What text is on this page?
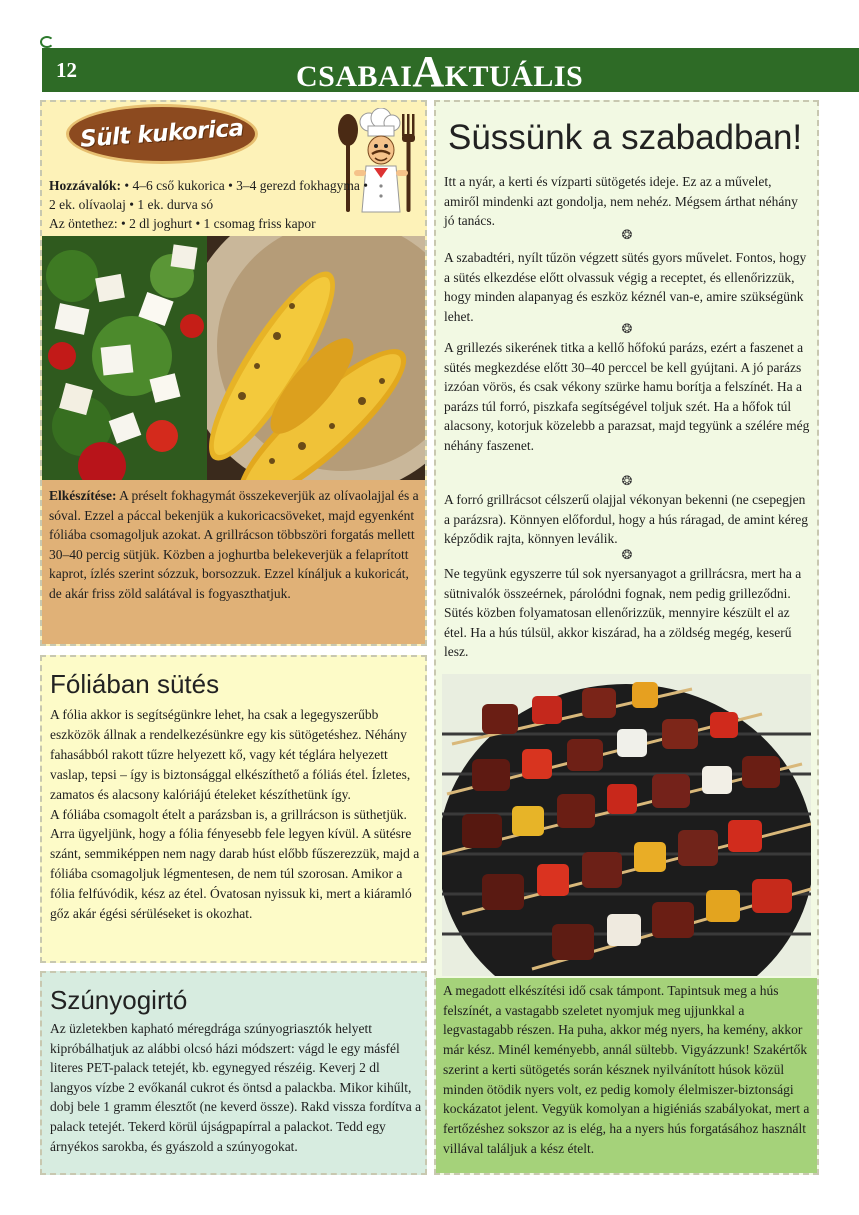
12	CSABAIAKTUÁLIS
Sült kukorica
Hozzávalók: • 4–6 cső kukorica • 3–4 gerezd fokhagyma • 2 ek. olívaolaj • 1 ek. durva só
Az öntethez: • 2 dl joghurt • 1 csomag friss kapor
Elkészítése: A préselt fokhagymát összekeverjük az olívaolajjal és a sóval. Ezzel a páccal bekenjük a kukoricacsöveket, majd egyenként fóliába csomagoljuk azokat. A grillrácson többszöri forgatás mellett 30–40 percig sütjük. Közben a joghurtba belekeverjük a felaprított kaprot, ízlés szerint sózzuk, borsozzuk. Ezzel kínáljuk a kukoricát, de akár friss zöld salátával is fogyaszthatjuk.
Fóliában sütés
A fólia akkor is segítségünkre lehet, ha csak a legegyszerűbb eszközök állnak a rendelkezésünkre egy kis sütögetéshez. Néhány fahasábból rakott tűzre helyezett kő, vagy két téglára helyezett vaslap, tepsi – így is biztonsággal elkészíthető a fóliás étel. Ízletes, zamatos és alacsony kalóriájú ételeket készíthetünk így.
A fóliába csomagolt ételt a parázsban is, a grillrácson is süthetjük. Arra ügyeljünk, hogy a fólia fényesebb fele legyen kívül. A sütésre szánt, semmiképpen nem nagy darab húst előbb fűszerezzük, majd a fóliába csomagoljuk légmentesen, de nem túl szorosan. Amikor a fólia felfúvódik, kész az étel. Óvatosan nyissuk ki, mert a kiáramló gőz akár égési sérüléseket is okozhat.
Szúnyogirtó
Az üzletekben kapható méregdrága szúnyogriasztók helyett kipróbálhatjuk az alábbi olcsó házi módszert: vágd le egy másfél literes PET-palack tetejét, kb. egynegyed részéig. Keverj 2 dl langyos vízbe 2 evőkanál cukrot és öntsd a palackba. Mikor kihűlt, dobj bele 1 gramm élesztőt (ne keverd össze). Rakd vissza fordítva a palack tetejét. Tekerd körül újságpapírral a palackot. Tedd egy árnyékos sarokba, és gyászold a szúnyogokat.
Süssünk a szabadban!
Itt a nyár, a kerti és vízparti sütögetés ideje. Ez az a művelet, amiről mindenki azt gondolja, nem nehéz. Mégsem árthat néhány jó tanács.
❂
A szabadtéri, nyílt tűzön végzett sütés gyors művelet. Fontos, hogy a sütés elkezdése előtt olvassuk végig a receptet, és ellenőrizzük, hogy minden alapanyag és eszköz kéznél van-e, amire szükségünk lehet.
❂
A grillezés sikerének titka a kellő hőfokú parázs, ezért a faszenet a sütés megkezdése előtt 30–40 perccel be kell gyújtani. A jó parázs izzóan vörös, és csak vékony szürke hamu borítja a felszínét. Ha a parázs túl forró, piszkafa segítségével toljuk szét. Ha a hőfok túl alacsony, kotorjuk közelebb a parazsat, majd tegyünk a szélére még néhány faszenet.
❂
A forró grillrácsot célszerű olajjal vékonyan bekenni (ne csepegjen a parázsra). Könnyen előfordul, hogy a hús ráragad, de amint kéreg képződik rajta, könnyen leválik.
❂
Ne tegyünk egyszerre túl sok nyersanyagot a grillrácsra, mert ha a sütnivalók összeérnek, párolódni fognak, nem pedig grilleződni. Sütés közben folyamatosan ellenőrizzük, mennyire készült el az étel. Ha a hús túlsül, akkor kiszárad, ha a zöldség megég, keserű lesz.
A megadott elkészítési idő csak támpont. Tapintsuk meg a hús felszínét, a vastagabb szeletet nyomjuk meg ujjunkkal a legvastagabb részen. Ha puha, akkor még nyers, ha kemény, akkor már kész. Minél keményebb, annál sültebb. Vigyázzunk! Szakértők szerint a kerti sütögetés során késznek nyilvánított húsok közül minden ötödik nyers volt, ez pedig komoly élelmiszer-biztonsági kockázatot jelent. Vegyük komolyan a higiéniás szabályokat, mert a fertőzéshez sokszor az is elég, ha a nyers hús forgatásához használt villával találjuk a kész ételt.
